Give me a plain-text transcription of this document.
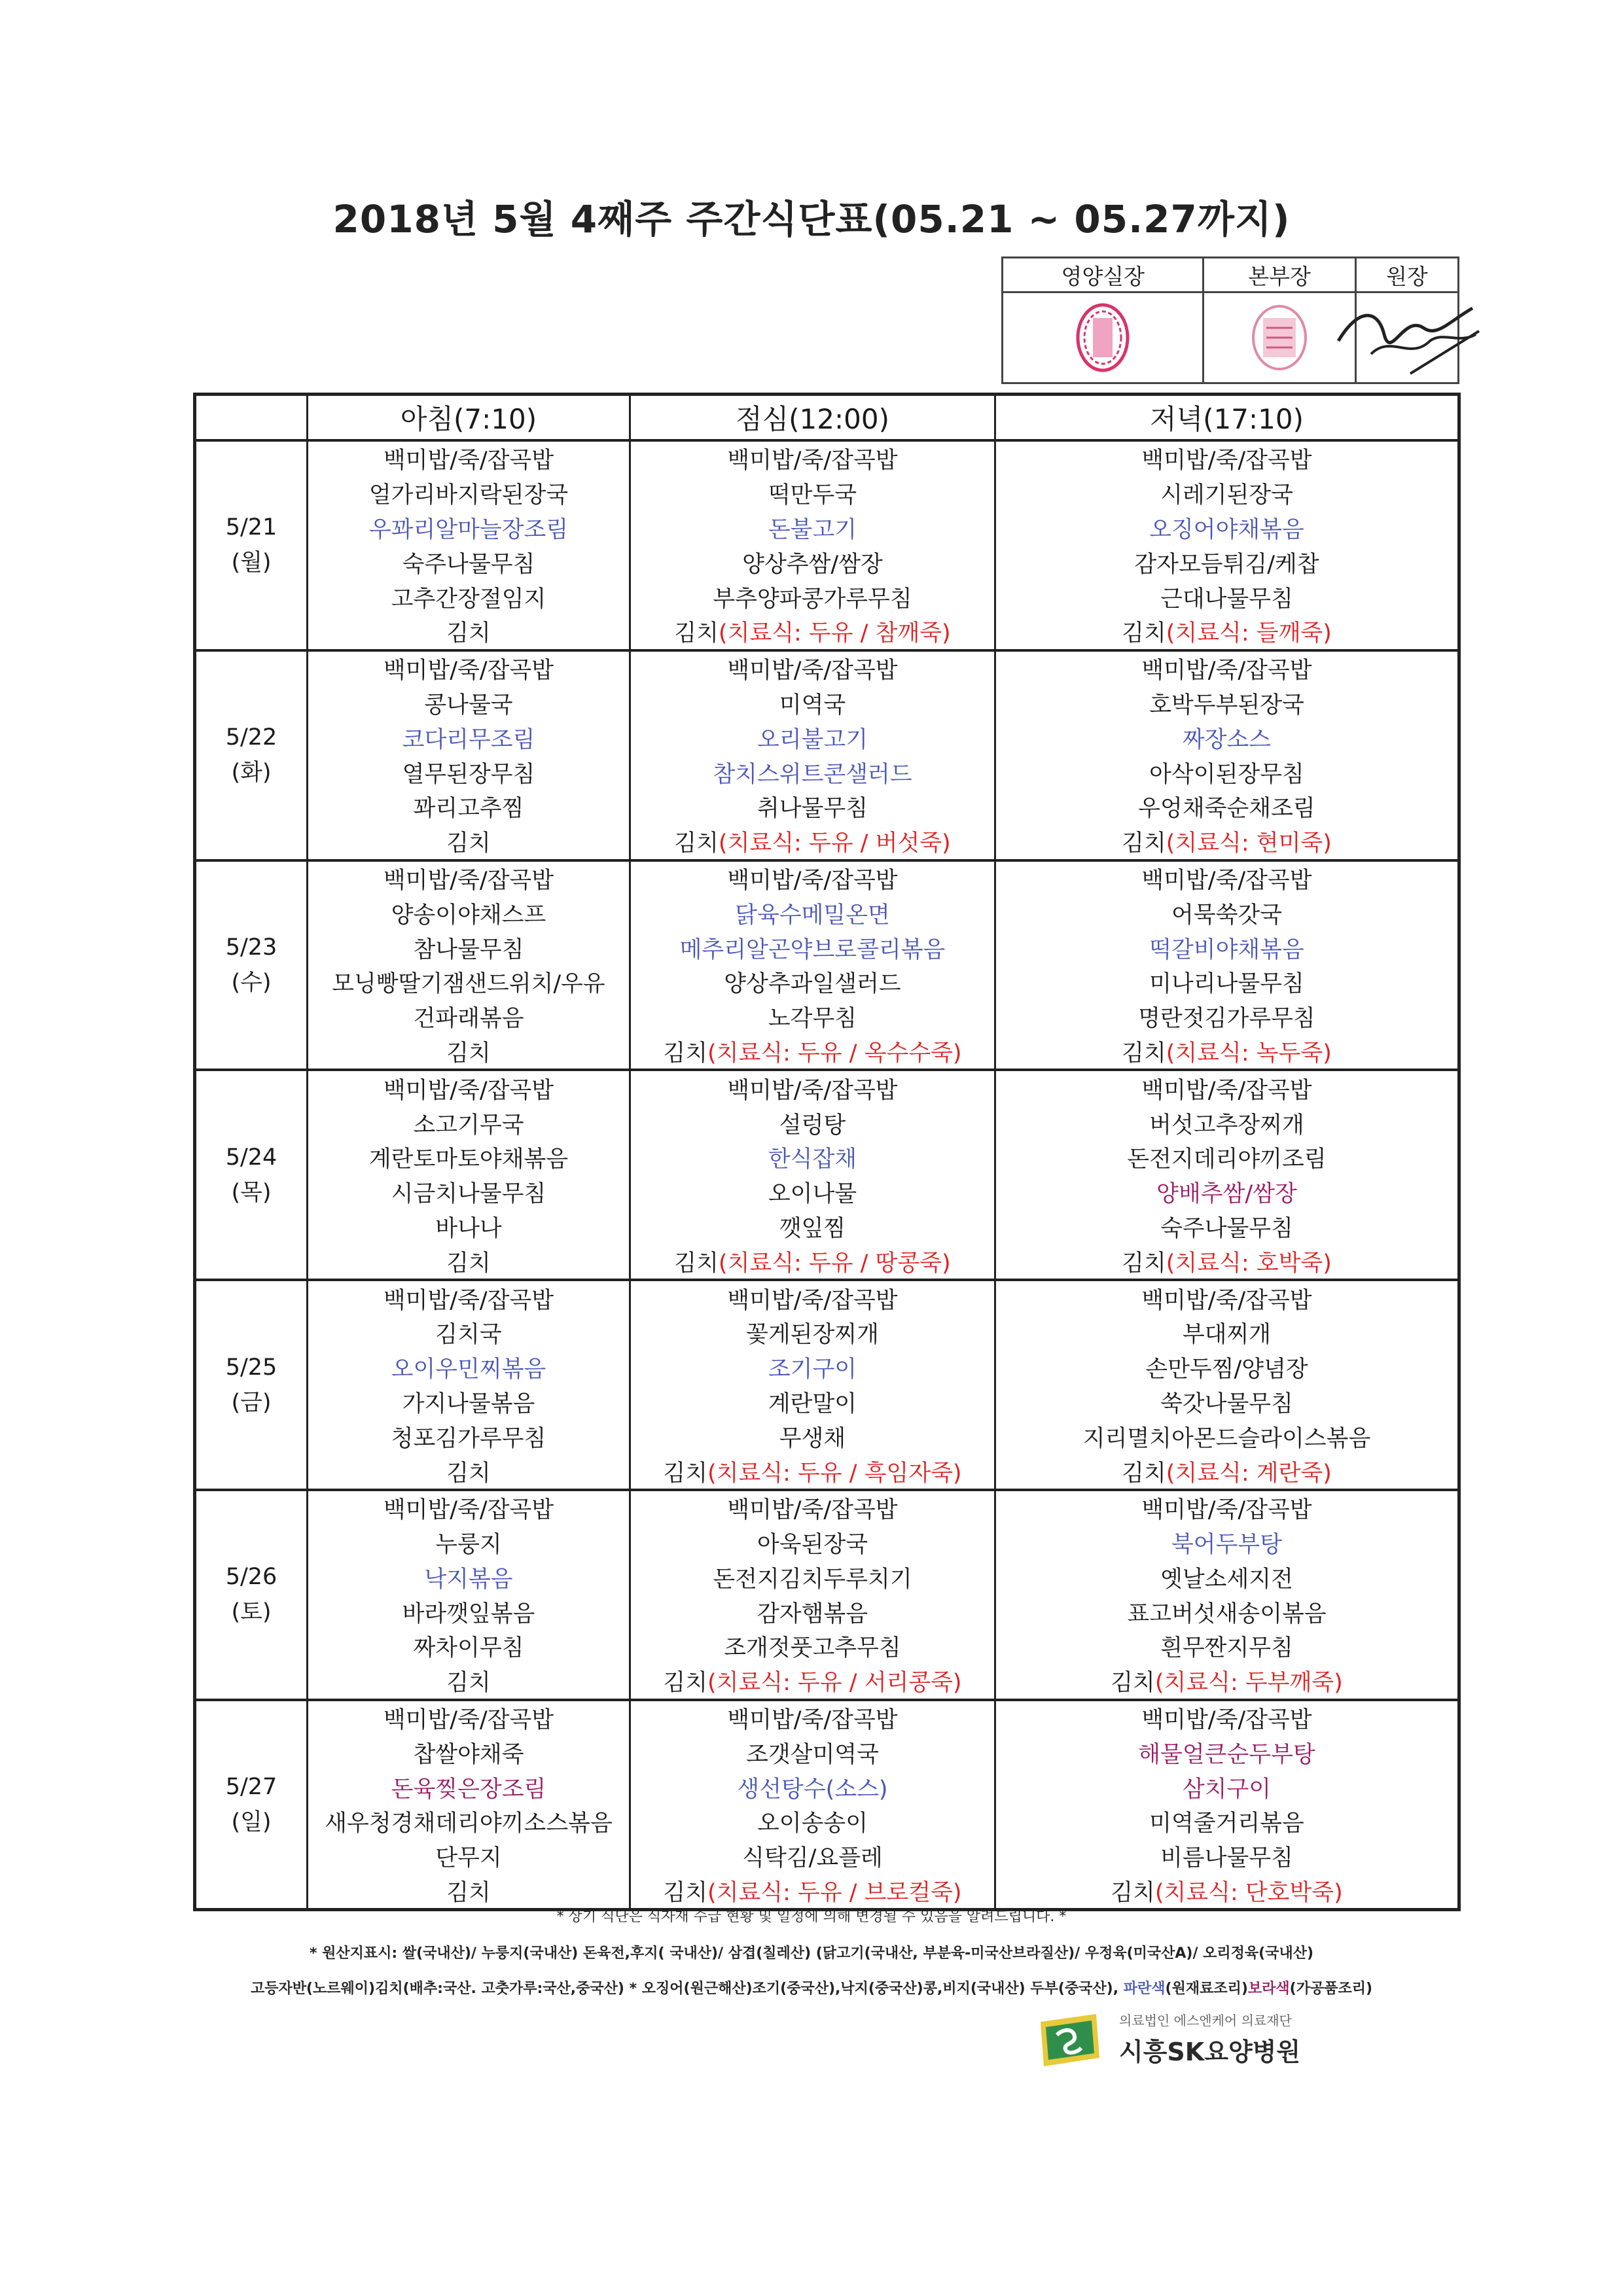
2018년 5월 4째주 주간식단표(05.21 ~ 05.27까지)
영양실장	본부장	원장

	아침(7:10)	점심(12:00)	저녁(17:10)

5/21
(월)	백미밥/죽/잡곡밥	백미밥/죽/잡곡밥	백미밥/죽/잡곡밥
	얼가리바지락된장국	떡만두국	시레기된장국
	우꽈리알마늘장조림	돈불고기	오징어야채볶음
	숙주나물무침	양상추쌈/쌈장	감자모듬튀김/케찹
	고추간장절임지	부추양파콩가루무침	근대나물무침
	김치	김치(치료식: 두유 / 참깨죽)	김치(치료식: 들깨죽)

5/22
(화)	백미밥/죽/잡곡밥	백미밥/죽/잡곡밥	백미밥/죽/잡곡밥
	콩나물국	미역국	호박두부된장국
	코다리무조림	오리불고기	짜장소스
	열무된장무침	참치스위트콘샐러드	아삭이된장무침
	꽈리고추찜	취나물무침	우엉채죽순채조림
	김치	김치(치료식: 두유 / 버섯죽)	김치(치료식: 현미죽)

5/23
(수)	백미밥/죽/잡곡밥	백미밥/죽/잡곡밥	백미밥/죽/잡곡밥
	양송이야채스프	닭육수메밀온면	어묵쑥갓국
	참나물무침	메추리알곤약브로콜리볶음	떡갈비야채볶음
	모닝빵딸기잼샌드위치/우유	양상추과일샐러드	미나리나물무침
	건파래볶음	노각무침	명란젓김가루무침
	김치	김치(치료식: 두유 / 옥수수죽)	김치(치료식: 녹두죽)

5/24
(목)	백미밥/죽/잡곡밥	백미밥/죽/잡곡밥	백미밥/죽/잡곡밥
	소고기무국	설렁탕	버섯고추장찌개
	계란토마토야채볶음	한식잡채	돈전지데리야끼조림
	시금치나물무침	오이나물	양배추쌈/쌈장
	바나나	깻잎찜	숙주나물무침
	김치	김치(치료식: 두유 / 땅콩죽)	김치(치료식: 호박죽)

5/25
(금)	백미밥/죽/잡곡밥	백미밥/죽/잡곡밥	백미밥/죽/잡곡밥
	김치국	꽃게된장찌개	부대찌개
	오이우민찌볶음	조기구이	손만두찜/양념장
	가지나물볶음	계란말이	쑥갓나물무침
	청포김가루무침	무생채	지리멸치아몬드슬라이스볶음
	김치	김치(치료식: 두유 / 흑임자죽)	김치(치료식: 계란죽)

5/26
(토)	백미밥/죽/잡곡밥	백미밥/죽/잡곡밥	백미밥/죽/잡곡밥
	누룽지	아욱된장국	북어두부탕
	낙지볶음	돈전지김치두루치기	옛날소세지전
	바라깻잎볶음	감자햄볶음	표고버섯새송이볶음
	짜차이무침	조개젓풋고추무침	흰무짠지무침
	김치	김치(치료식: 두유 / 서리콩죽)	김치(치료식: 두부깨죽)

5/27
(일)	백미밥/죽/잡곡밥	백미밥/죽/잡곡밥	백미밥/죽/잡곡밥
	찹쌀야채죽	조갯살미역국	해물얼큰순두부탕
	돈육찢은장조림	생선탕수(소스)	삼치구이
	새우청경채데리야끼소스볶음	오이송송이	미역줄거리볶음
	단무지	식탁김/요플레	비름나물무침
	김치	김치(치료식: 두유 / 브로컬죽)	김치(치료식: 단호박죽)
* 상기 식단은 식자재 수급 현황 및 일정에 의해 변경될 수 있음을 알려드립니다. *
* 원산지표시: 쌀(국내산)/ 누룽지(국내산) 돈육전,후지( 국내산)/ 삼겹(칠레산) (닭고기(국내산, 부분육-미국산브라질산)/ 우정육(미국산A)/ 오리정육(국내산)
고등자반(노르웨이)김치(배추:국산. 고춧가루:국산,중국산) * 오징어(원근해산)조기(중국산),낙지(중국산)콩,비지(국내산) 두부(중국산), 파란색(원재료조리)보라색(가공품조리)
의료법인 에스엔케어 의료재단
시흥SK요양병원
